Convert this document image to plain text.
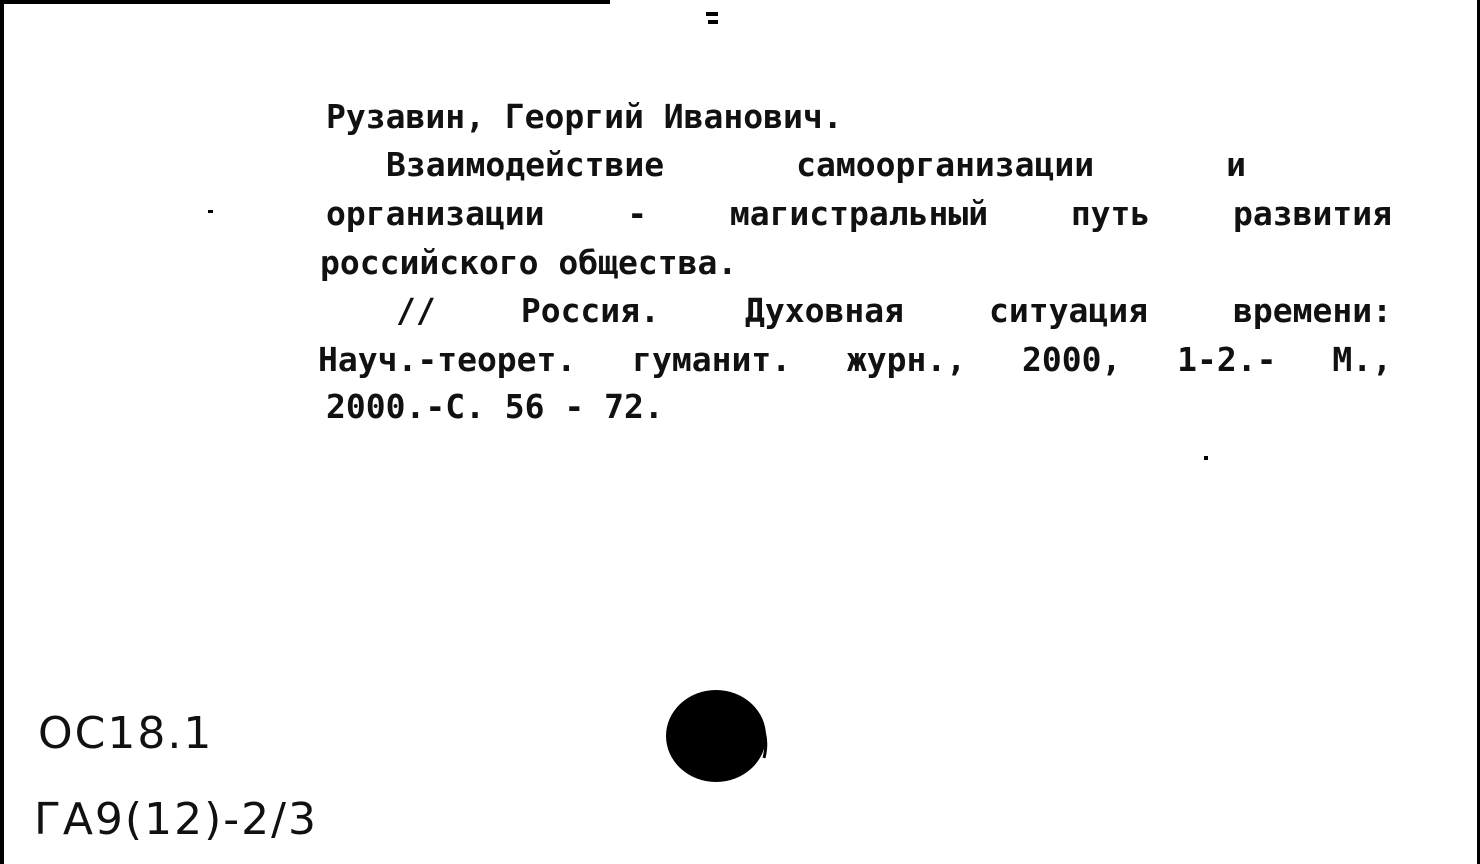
Рузавин, Георгий Иванович.
Взаимодействие	самоорганизации	и
организации	-	магистральный	путь	развития
российского общества.
//	Россия.	Духовная	ситуация	времени:
Науч.-теорет. гуманит. журн., 2000, 1-2.- М.,
2000.-С. 56 - 72.
ОС18.1
ГА9(12)-2/3
